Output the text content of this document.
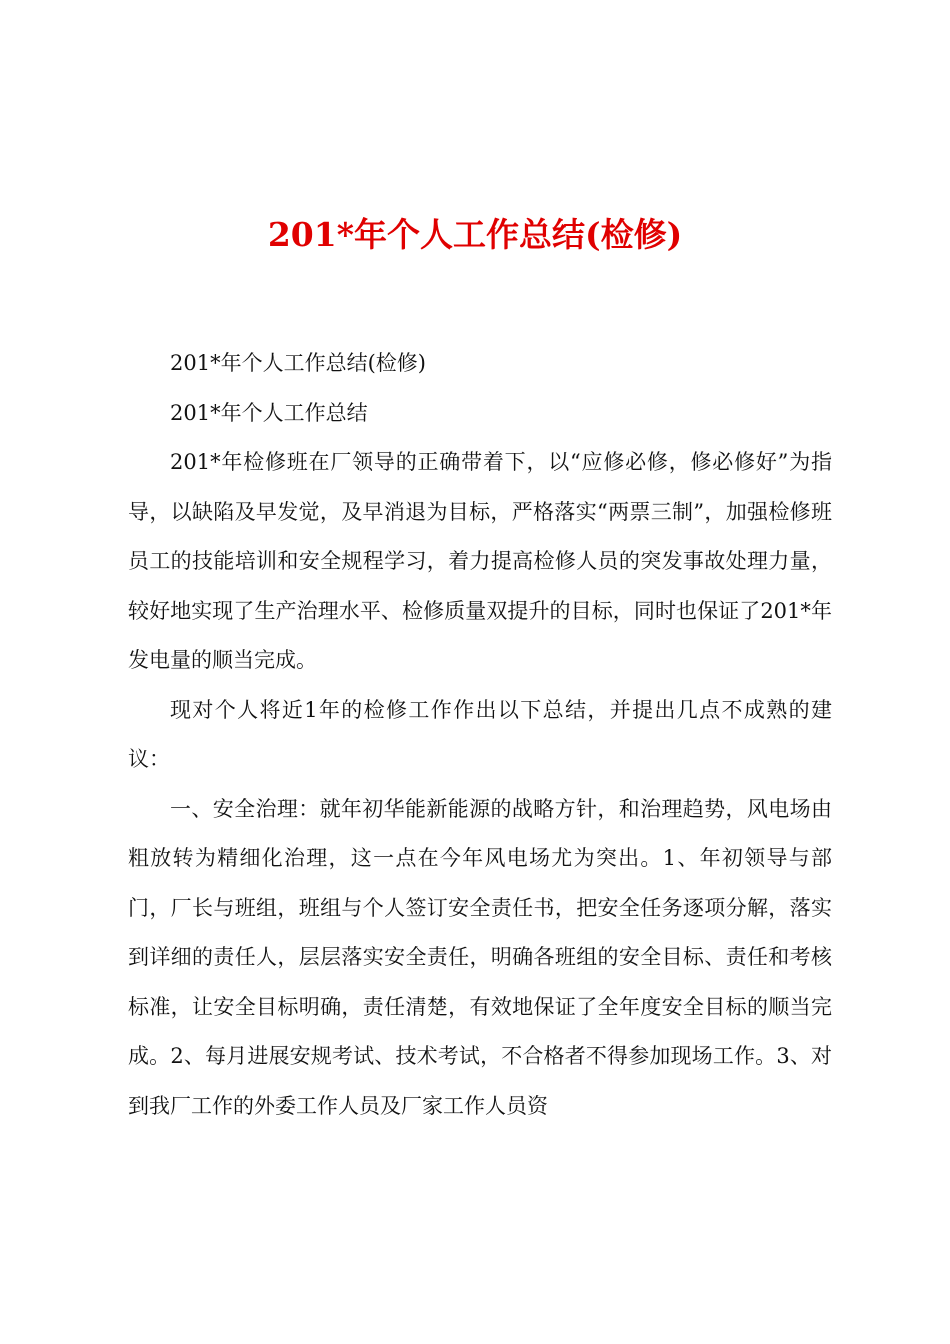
201*年个人工作总结(检修)

201*年个人工作总结(检修)

201*年个人工作总结

201*年检修班在厂领导的正确带着下，以“应修必修，修必修好”为指导，以缺陷及早发觉，及早消退为目标，严格落实“两票三制”，加强检修班员工的技能培训和安全规程学习，着力提高检修人员的突发事故处理力量，较好地实现了生产治理水平、检修质量双提升的目标，同时也保证了201*年发电量的顺当完成。

现对个人将近1年的检修工作作出以下总结，并提出几点不成熟的建议：

一、安全治理：就年初华能新能源的战略方针，和治理趋势，风电场由粗放转为精细化治理，这一点在今年风电场尤为突出。1、年初领导与部门，厂长与班组，班组与个人签订安全责任书，把安全任务逐项分解，落实到详细的责任人，层层落实安全责任，明确各班组的安全目标、责任和考核标准，让安全目标明确，责任清楚，有效地保证了全年度安全目标的顺当完成。2、每月进展安规考试、技术考试，不合格者不得参加现场工作。3、对到我厂工作的外委工作人员及厂家工作人员资
